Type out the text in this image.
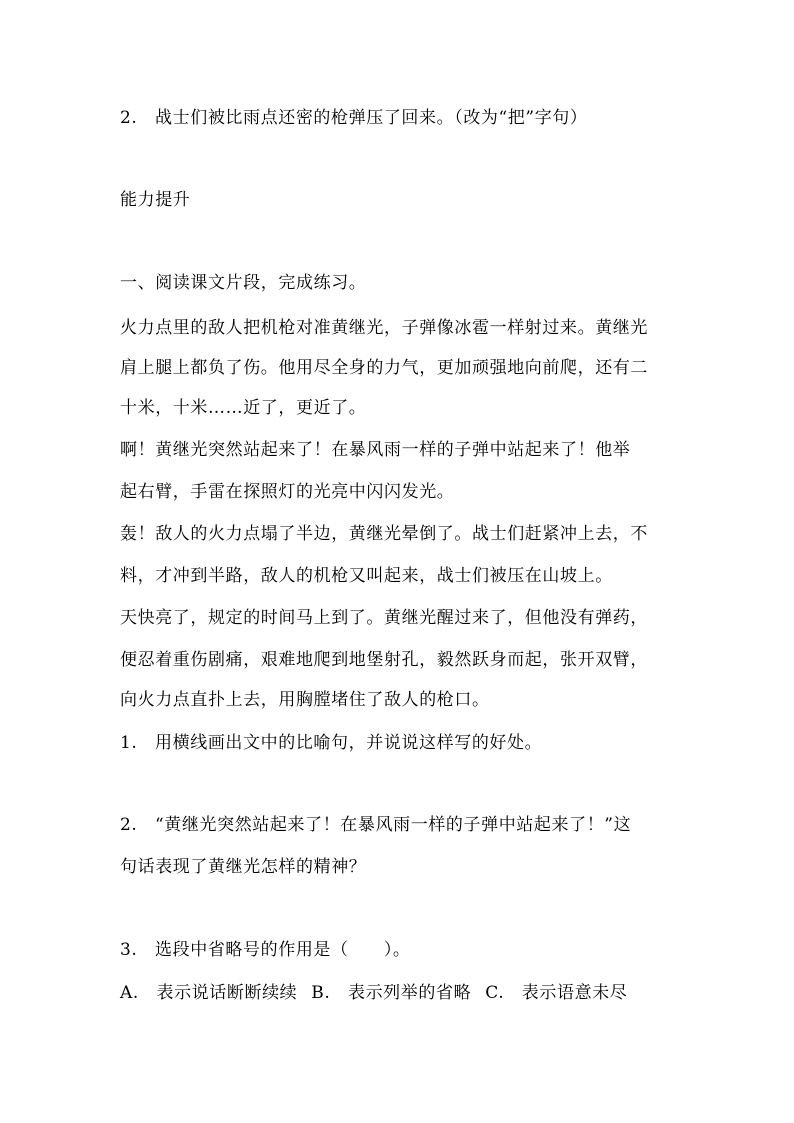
2.　战士们被比雨点还密的枪弹压了回来。（改为“把”字句）
能力提升
一、阅读课文片段，完成练习。
火力点里的敌人把机枪对准黄继光，子弹像冰雹一样射过来。黄继光
肩上腿上都负了伤。他用尽全身的力气，更加顽强地向前爬，还有二
十米，十米……近了，更近了。
啊！黄继光突然站起来了！在暴风雨一样的子弹中站起来了！他举
起右臂，手雷在探照灯的光亮中闪闪发光。
轰！敌人的火力点塌了半边，黄继光晕倒了。战士们赶紧冲上去，不
料，才冲到半路，敌人的机枪又叫起来，战士们被压在山坡上。
天快亮了，规定的时间马上到了。黄继光醒过来了，但他没有弹药，
便忍着重伤剧痛，艰难地爬到地堡射孔，毅然跃身而起，张开双臂，
向火力点直扑上去，用胸膛堵住了敌人的枪口。
1.　用横线画出文中的比喻句，并说说这样写的好处。
2.　“黄继光突然站起来了！在暴风雨一样的子弹中站起来了！”这
句话表现了黄继光怎样的精神？
3.　选段中省略号的作用是（　　）。
A.　表示说话断断续续 B.　表示列举的省略 C.　表示语意未尽
